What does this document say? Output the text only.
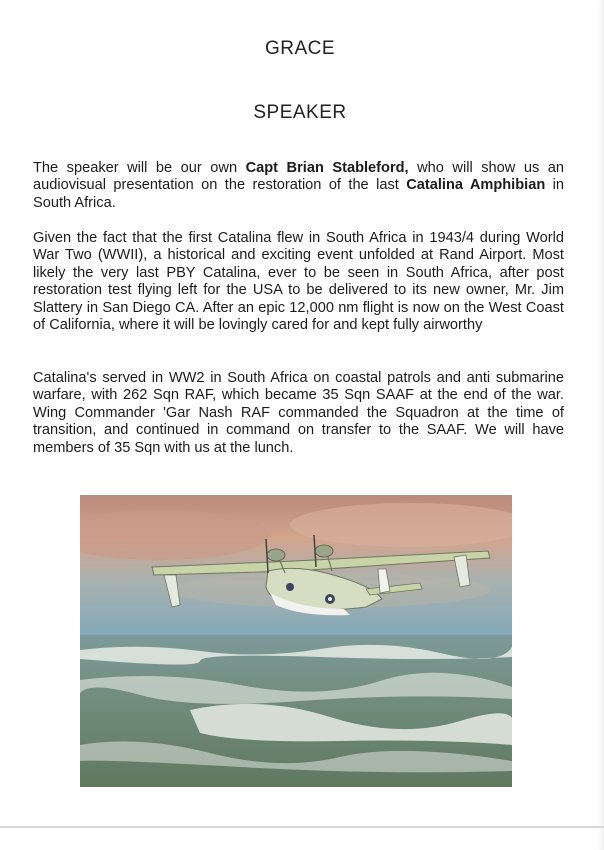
GRACE
SPEAKER
The speaker will be our own Capt Brian Stableford, who will show us an audiovisual presentation on the restoration of the last Catalina Amphibian in South Africa.
Given the fact that the first Catalina flew in South Africa in 1943/4 during World War Two (WWII), a historical and exciting event unfolded at Rand Airport. Most likely the very last PBY Catalina, ever to be seen in South Africa, after post restoration test flying left for the USA to be delivered to its new owner, Mr. Jim Slattery in San Diego CA. After an epic 12,000 nm flight is now on the West Coast of California, where it will be lovingly cared for and kept fully airworthy
Catalina's served in WW2 in South Africa on coastal patrols and anti submarine warfare, with 262 Sqn RAF, which became 35 Sqn SAAF at the end of the war. Wing Commander 'Gar Nash RAF commanded the Squadron at the time of transition, and continued in command on transfer to the SAAF. We will have members of 35 Sqn with us at the lunch.
